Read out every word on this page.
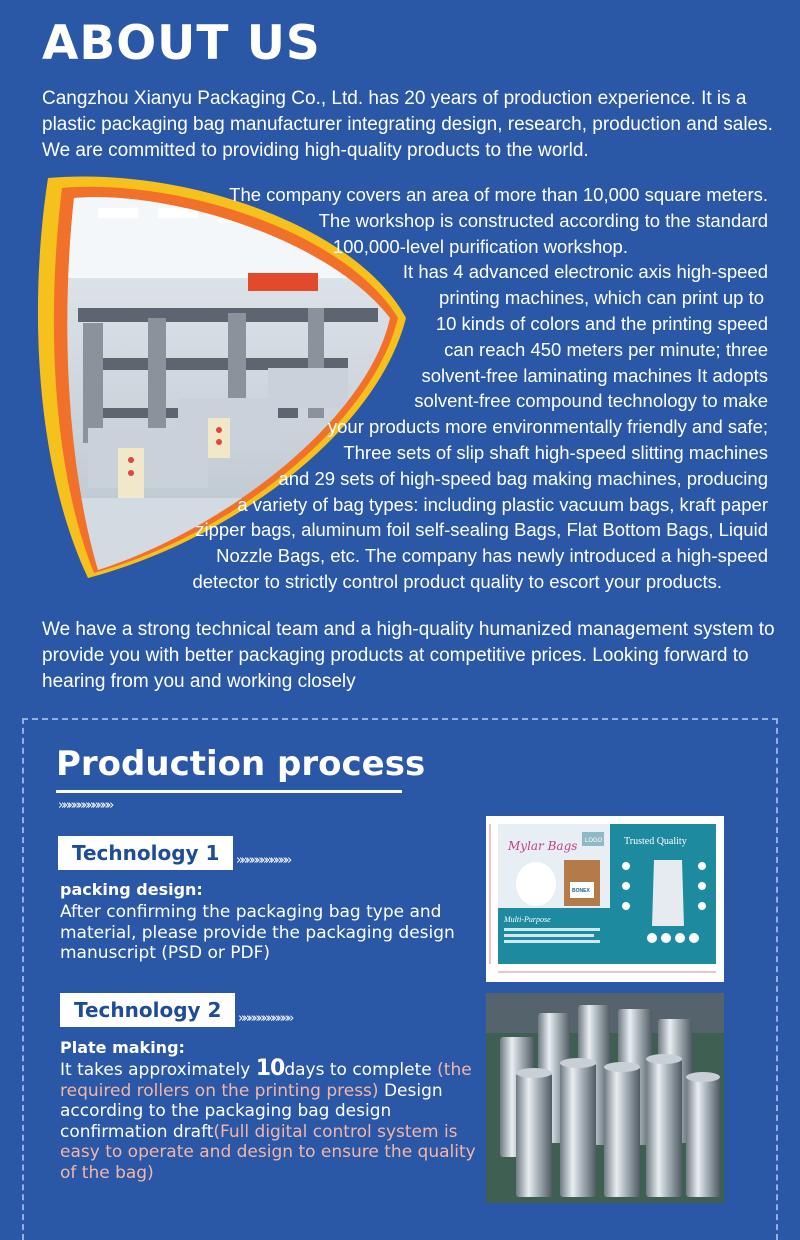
ABOUT US

Cangzhou Xianyu Packaging Co., Ltd. has 20 years of production experience. It is a plastic packaging bag manufacturer integrating design, research, production and sales. We are committed to providing high-quality products to the world.

The company covers an area of more than 10,000 square meters.
The workshop is constructed according to the standard
100,000-level purification workshop.
It has 4 advanced electronic axis high-speed
printing machines, which can print up to
10 kinds of colors and the printing speed
can reach 450 meters per minute; three
solvent-free laminating machines It adopts
solvent-free compound technology to make
your products more environmentally friendly and safe;
Three sets of slip shaft high-speed slitting machines
and 29 sets of high-speed bag making machines, producing
a variety of bag types: including plastic vacuum bags, kraft paper
zipper bags, aluminum foil self-sealing Bags, Flat Bottom Bags, Liquid
Nozzle Bags, etc. The company has newly introduced a high-speed
detector to strictly control product quality to escort your products.

We have a strong technical team and a high-quality humanized management system to provide you with better packaging products at competitive prices. Looking forward to hearing from you and working closely

Production process
»»»»»»»»»»»
Technology 1	»»»»»»»»»»»

packing design:

After confirming the packaging bag type and material, please provide the packaging design manuscript (PSD or PDF)

Mylar Bags LOGO
BONEX
Multi-Purpose
Trusted Quality
Technology 2	»»»»»»»»»»»

Plate making:

It takes approximately 10days to complete (the required rollers on the printing press) Design according to the packaging bag design confirmation draft(Full digital control system is easy to operate and design to ensure the quality of the bag)
